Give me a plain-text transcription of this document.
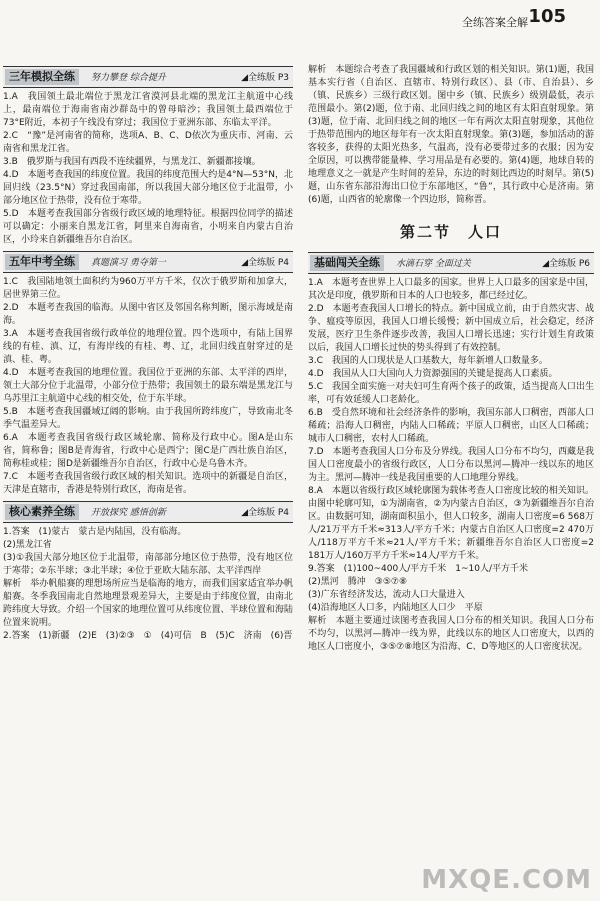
全练答案全解 105
三年模拟全练	努力攀登 综合提升	◢全练版 P3

1.A　我国领土最北端位于黑龙江省漠河县北端的黑龙江主航道中心线上，最南端位于海南省南沙群岛中的曾母暗沙；我国领土最西端位于73°E附近，本初子午线没有穿过；我国位于亚洲东部、东临太平洋。

2.C　“豫”是河南省的简称，选项A、B、C、D依次为重庆市、河南、云南省和黑龙江省。

3.B　俄罗斯与我国有西段不连续疆界，与黑龙江、新疆都接壤。

4.D　本题考查我国的纬度位置。我国的纬度范围大约是4°N—53°N，北回归线（23.5°N）穿过我国南部，所以我国大部分地区位于北温带，小部分地区位于热带，没有位于寒带。

5.D　本题考查我国部分省级行政区域的地理特征。根据四位同学的描述可以确定：小丽来自黑龙江省，阿里来自海南省，小明来自内蒙古自治区，小玲来自新疆维吾尔自治区。

五年中考全练	真题演习 勇夺第一	◢全练版 P4

1.C　我国陆地领土面积约为960万平方千米，仅次于俄罗斯和加拿大，居世界第三位。

2.D　本题考查我国的临海。从图中省区及邻国名称判断，图示海域是南海。

3.A　本题考查我国省级行政单位的地理位置。四个选项中，有陆上国界线的有桂、滇、辽，有海岸线的有桂、粤、辽，北回归线直射穿过的是滇、桂、粤。

4.D　本题考查我国的地理位置。我国位于亚洲的东部、太平洋的西岸，领土大部分位于北温带，小部分位于热带；我国领土的最东端是黑龙江与乌苏里江主航道中心线的相交处，位于东半球。

5.B　本题考查我国疆域辽阔的影响。由于我国所跨纬度广，导致南北冬季气温差异大。

6.A　本题考查我国省级行政区域轮廓、简称及行政中心。图A是山东省，简称鲁；图B是青海省，行政中心是西宁；图C是广西壮族自治区，简称桂或桂；图D是新疆维吾尔自治区，行政中心是乌鲁木齐。

7.C　本题考查我国省级行政区域的相关知识。选项中的新疆是自治区，天津是直辖市，香港是特别行政区，海南是省。

核心素养全练	开放探究 感悟创新	◢全练版 P4

1.答案　(1)蒙古　蒙古是内陆国，没有临海。

(2)黑龙江省

(3)①我国大部分地区位于北温带，南部部分地区位于热带，没有地区位于寒带；②东半球；③北半球；④位于亚欧大陆东部、太平洋西岸

解析　举办帆船赛的理想场所应当是临海的地方，而我们国家适宜举办帆船赛。冬季我国南北自然地理景观差异大，主要是由于纬度位置，由南北跨纬度大导致。介绍一个国家的地理位置可从纬度位置、半球位置和海陆位置来说明。

2.答案　(1)新疆　(2)E　(3)②③　①　(4)可信　B　(5)C　济南　(6)晋

解析　本题综合考查了我国疆域和行政区划的相关知识。第(1)题，我国基本实行省（自治区、直辖市、特别行政区）、县（市、自治县）、乡（镇、民族乡）三级行政区划。图中乡（镇、民族乡）级别最低，表示范围最小。第(2)题，位于南、北回归线之间的地区有太阳直射现象。第(3)题，位于南、北回归线之间的地区一年有两次太阳直射现象，其他位于热带范围内的地区每年有一次太阳直射现象。第(3)题，参加活动的游客较多，获得的太阳光热多，气温高，没有必要带过多的衣服；因为安全原因，可以携带能量棒、学习用品是有必要的。第(4)题，地球自转的地理意义之一就是产生时间的差异，东边的时刻比西边的时刻早。第(5)题，山东省东部沿海出口位于东部地区，“鲁”，其行政中心是济南。第(6)题，山西省的轮廓像一个四边形，简称晋。

第二节　人口
基础闯关全练	水滴石穿 全面过关	◢全练版 P6

1.A　本题考查世界上人口最多的国家。世界上人口最多的国家是中国，其次是印度，俄罗斯和日本的人口也较多，都已经过亿。

2.D　本题考查我国人口增长的特点。新中国成立前，由于自然灾害、战争、瘟疫等原因，我国人口增长缓慢；新中国成立后，社会稳定，经济发展，医疗卫生条件逐步改善，我国人口增长迅速；实行计划生育政策以后，我国人口增长过快的势头得到了有效控制。

3.C　我国的人口现状是人口基数大，每年新增人口数量多。

4.D　我国从人口大国向人力资源强国的关键是提高人口素质。

5.C　我国全面实施一对夫妇可生育两个孩子的政策，适当提高人口出生率，可有效延缓人口老龄化。

6.B　受自然环境和社会经济条件的影响，我国东部人口稠密，西部人口稀疏；沿海人口稠密，内陆人口稀疏；平原人口稠密，山区人口稀疏；城市人口稠密，农村人口稀疏。

7.D　本题考查我国人口分布及分界线。我国人口分布不均匀，西藏是我国人口密度最小的省级行政区，人口分布以黑河—腾冲一线以东的地区为主。黑河—腾冲一线是我国重要的人口地理分界线。

8.A　本题以省级行政区域轮廓图为载体考查人口密度比较的相关知识。由图中轮廓可知，①为湖南省，②为内蒙古自治区，③为新疆维吾尔自治区。由数据可知，湖南面积虽小，但人口较多，湖南人口密度=6 568万人/21万平方千米≈313人/平方千米；内蒙古自治区人口密度=2 470万人/118万平方千米≈21人/平方千米；新疆维吾尔自治区人口密度=2 181万人/160万平方千米≈14人/平方千米。

9.答案　(1)100~400人/平方千米　1~10人/平方千米

(2)黑河　腾冲　③⑤⑦⑧

(3)广东省经济发达，流动人口大量进入

(4)沿海地区人口多，内陆地区人口少　平原

解析　本题主要通过读图考查我国人口分布的相关知识。我国人口分布不均匀，以黑河—腾冲一线为界，此线以东的地区人口密度大，以西的地区人口密度小，③⑤⑦⑧地区为沿海、C、D等地区的人口密度状况。

MXQE.COM
